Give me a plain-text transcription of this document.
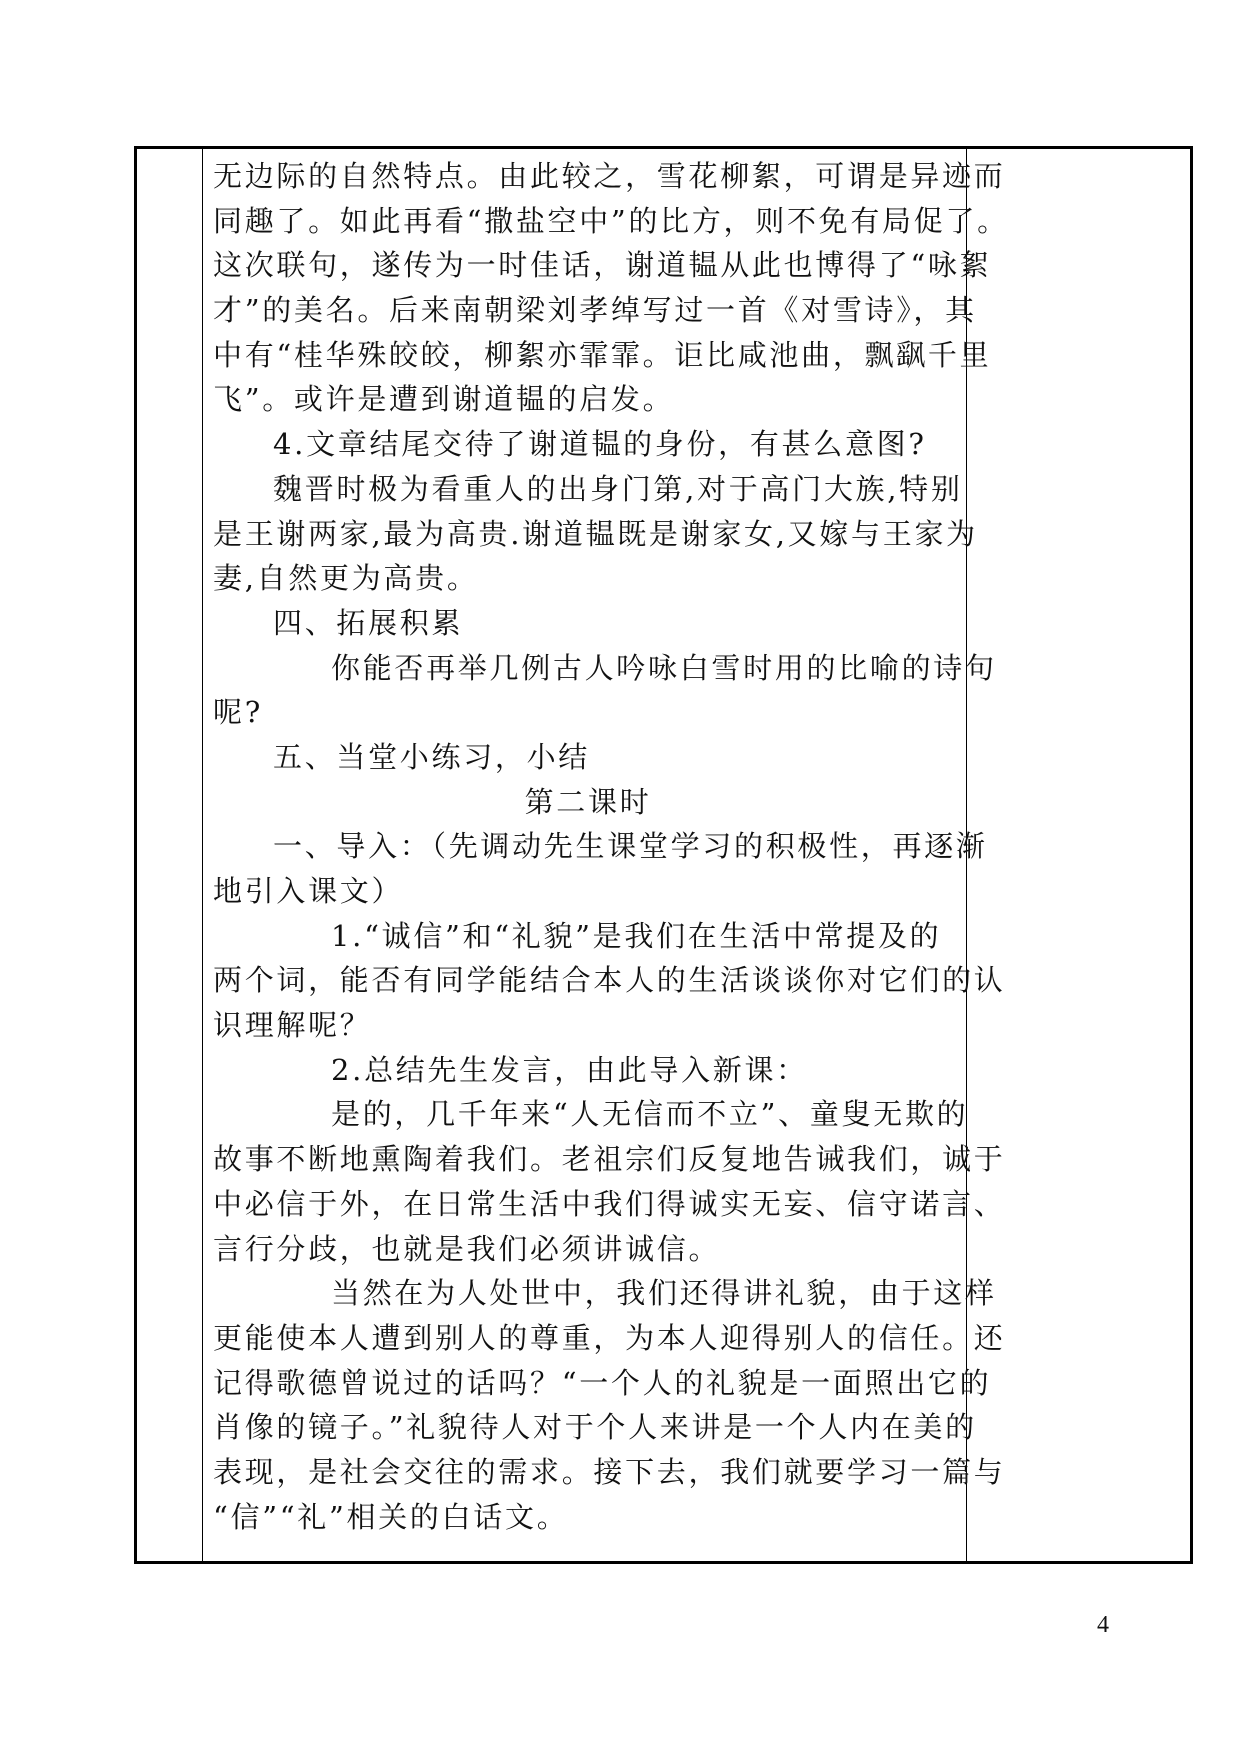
无边际的自然特点。由此较之，雪花柳絮，可谓是异迹而
同趣了。如此再看“撒盐空中”的比方，则不免有局促了。
这次联句，遂传为一时佳话，谢道韫从此也博得了“咏絮
才”的美名。后来南朝梁刘孝绰写过一首《对雪诗》，其
中有“桂华殊皎皎，柳絮亦霏霏。讵比咸池曲，飘飖千里
飞”。或许是遭到谢道韫的启发。
4.文章结尾交待了谢道韫的身份，有甚么意图?
魏晋时极为看重人的出身门第,对于高门大族,特别
是王谢两家,最为高贵.谢道韫既是谢家女,又嫁与王家为
妻,自然更为高贵。
四、拓展积累
你能否再举几例古人吟咏白雪时用的比喻的诗句
呢?
五、当堂小练习，小结
第二课时
一、导入：（先调动先生课堂学习的积极性，再逐渐
地引入课文）
1.“诚信”和“礼貌”是我们在生活中常提及的
两个词，能否有同学能结合本人的生活谈谈你对它们的认
识理解呢？
2.总结先生发言，由此导入新课：
是的，几千年来“人无信而不立”、童叟无欺的
故事不断地熏陶着我们。老祖宗们反复地告诫我们，诚于
中必信于外，在日常生活中我们得诚实无妄、信守诺言、
言行分歧，也就是我们必须讲诚信。
当然在为人处世中，我们还得讲礼貌，由于这样
更能使本人遭到别人的尊重，为本人迎得别人的信任。还
记得歌德曾说过的话吗？“一个人的礼貌是一面照出它的
肖像的镜子。”礼貌待人对于个人来讲是一个人内在美的
表现，是社会交往的需求。接下去，我们就要学习一篇与
“信”“礼”相关的白话文。
4
